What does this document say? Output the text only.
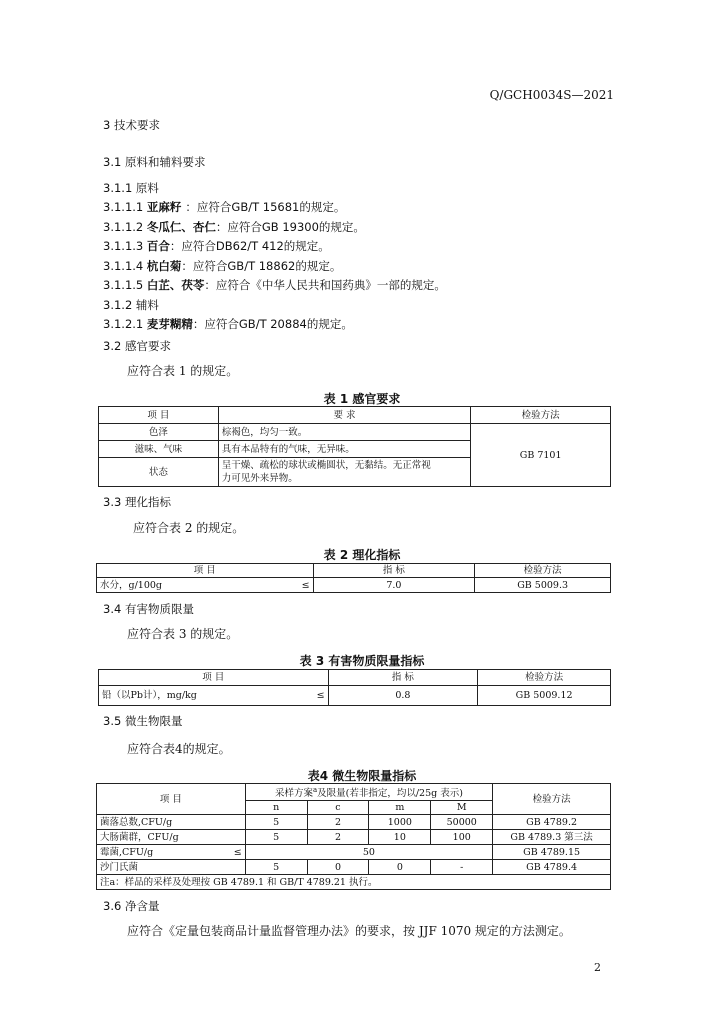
Q/GCH0034S—2021
3 技术要求
3.1 原料和辅料要求
3.1.1 原料
3.1.1.1 亚麻籽 ：应符合GB/T 15681的规定。
3.1.1.2 冬瓜仁、杏仁：应符合GB 19300的规定。
3.1.1.3 百合：应符合DB62/T 412的规定。
3.1.1.4 杭白菊：应符合GB/T 18862的规定。
3.1.1.5 白芷、茯苓：应符合《中华人民共和国药典》一部的规定。
3.1.2 辅料
3.1.2.1 麦芽糊精：应符合GB/T 20884的规定。
3.2 感官要求
应符合表 1 的规定。
表 1 感官要求
项 目	要 求	检验方法
色泽	棕褐色，均匀一致。	GB 7101
滋味、气味	具有本品特有的气味，无异味。	
状态	呈干燥、疏松的球状或椭圆状，无黏结。无正常视
力可见外来异物。	
3.3 理化指标
应符合表 2 的规定。
表 2 理化指标
项 目	指 标	检验方法

水分，g/100g ≤	7.0	GB 5009.3
3.4 有害物质限量
应符合表 3 的规定。
表 3 有害物质限量指标
项 目	指 标	检验方法

铅（以Pb计），mg/kg ≤	0.8	GB 5009.12
3.5 微生物限量
应符合表4的规定。
表4 微生物限量指标
项 目	采样方案$^a$及限量(若非指定，均以/25g 表示)				检验方法
	n	c	m	M	
菌落总数,CFU/g	5	2	1000	50000	GB 4789.2
大肠菌群，CFU/g	5	2	10	100	GB 4789.3 第三法

霉菌,CFU/g ≤	50				GB 4789.15
沙门氏菌	5	0	0	-	GB 4789.4
注a：样品的采样及处理按 GB 4789.1 和 GB/T 4789.21 执行。					
3.6 净含量
应符合《定量包装商品计量监督管理办法》的要求，按 JJF 1070 规定的方法测定。
2
